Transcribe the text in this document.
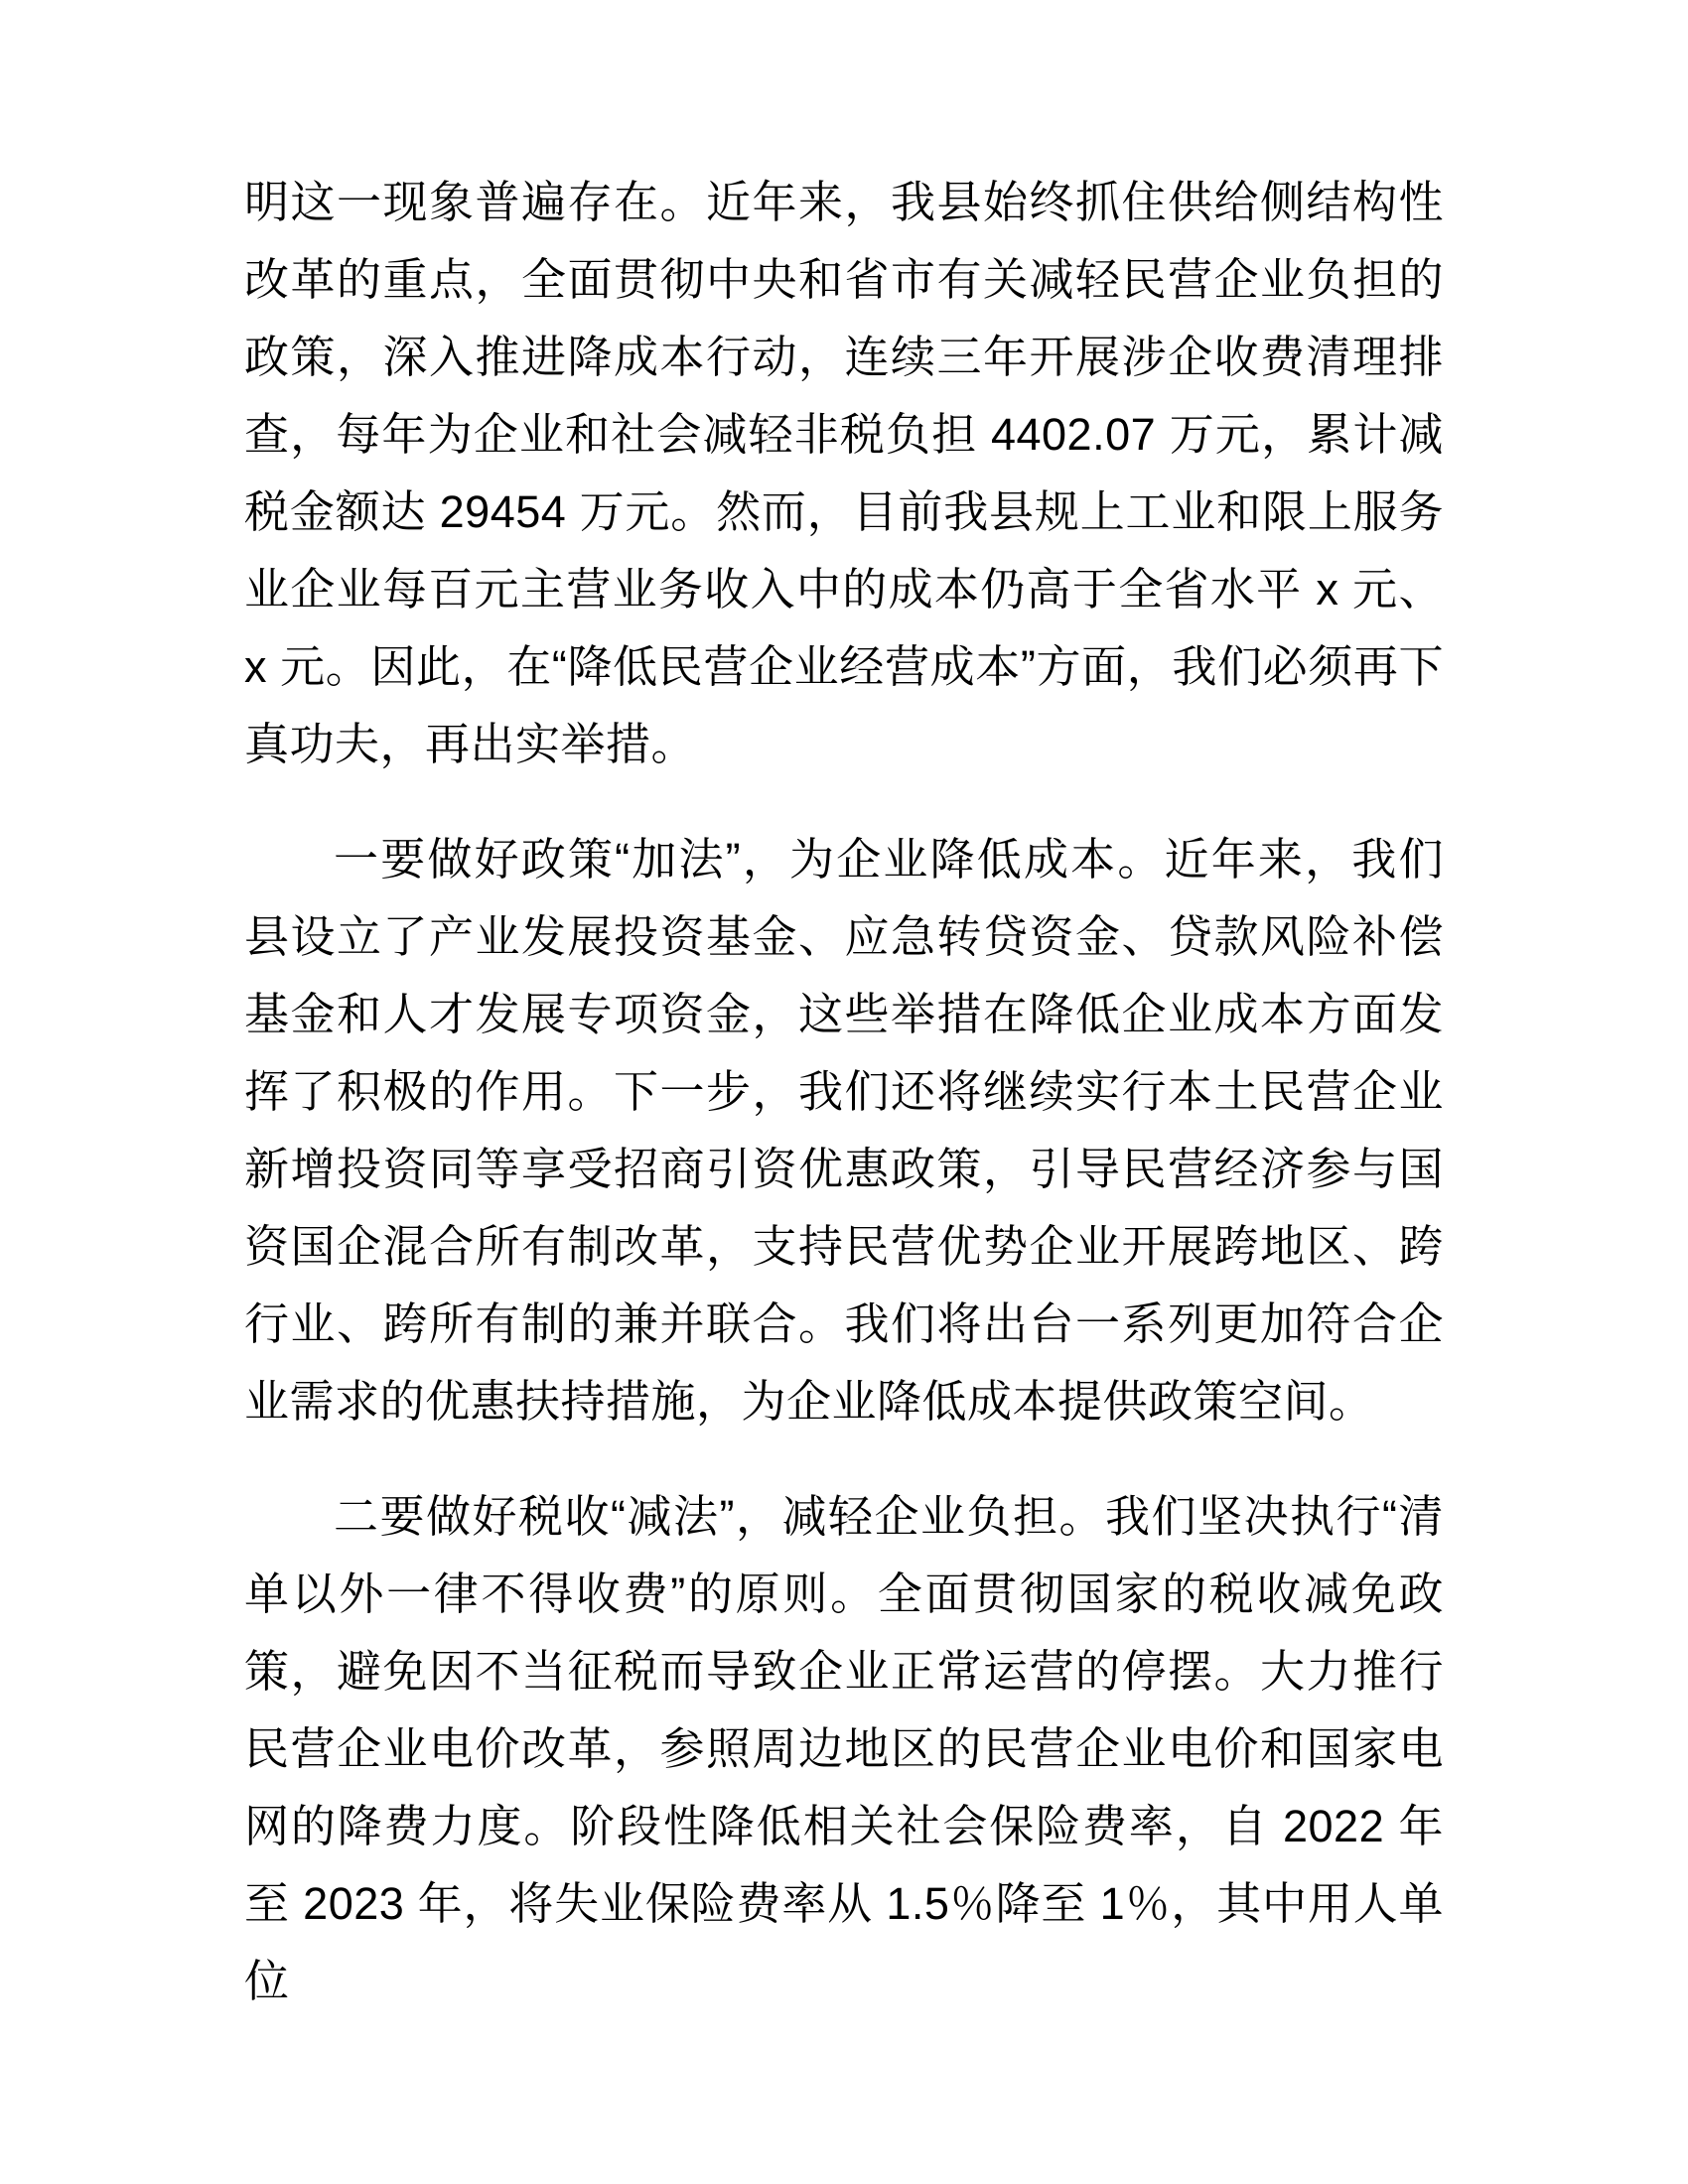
明这一现象普遍存在。近年来，我县始终抓住供给侧结构性改革的重点，全面贯彻中央和省市有关减轻民营企业负担的政策，深入推进降成本行动，连续三年开展涉企收费清理排查，每年为企业和社会减轻非税负担 4402.07 万元，累计减税金额达 29454 万元。然而，目前我县规上工业和限上服务业企业每百元主营业务收入中的成本仍高于全省水平 x 元、x 元。因此，在“降低民营企业经营成本”方面，我们必须再下真功夫，再出实举措。

一要做好政策“加法”，为企业降低成本。近年来，我们县设立了产业发展投资基金、应急转贷资金、贷款风险补偿基金和人才发展专项资金，这些举措在降低企业成本方面发挥了积极的作用。下一步，我们还将继续实行本土民营企业新增投资同等享受招商引资优惠政策，引导民营经济参与国资国企混合所有制改革，支持民营优势企业开展跨地区、跨行业、跨所有制的兼并联合。我们将出台一系列更加符合企业需求的优惠扶持措施，为企业降低成本提供政策空间。

二要做好税收“减法”，减轻企业负担。我们坚决执行“清单以外一律不得收费”的原则。全面贯彻国家的税收减免政策，避免因不当征税而导致企业正常运营的停摆。大力推行民营企业电价改革，参照周边地区的民营企业电价和国家电网的降费力度。阶段性降低相关社会保险费率，自 2022 年至 2023 年，将失业保险费率从 1.5％降至 1％，其中用人单位
